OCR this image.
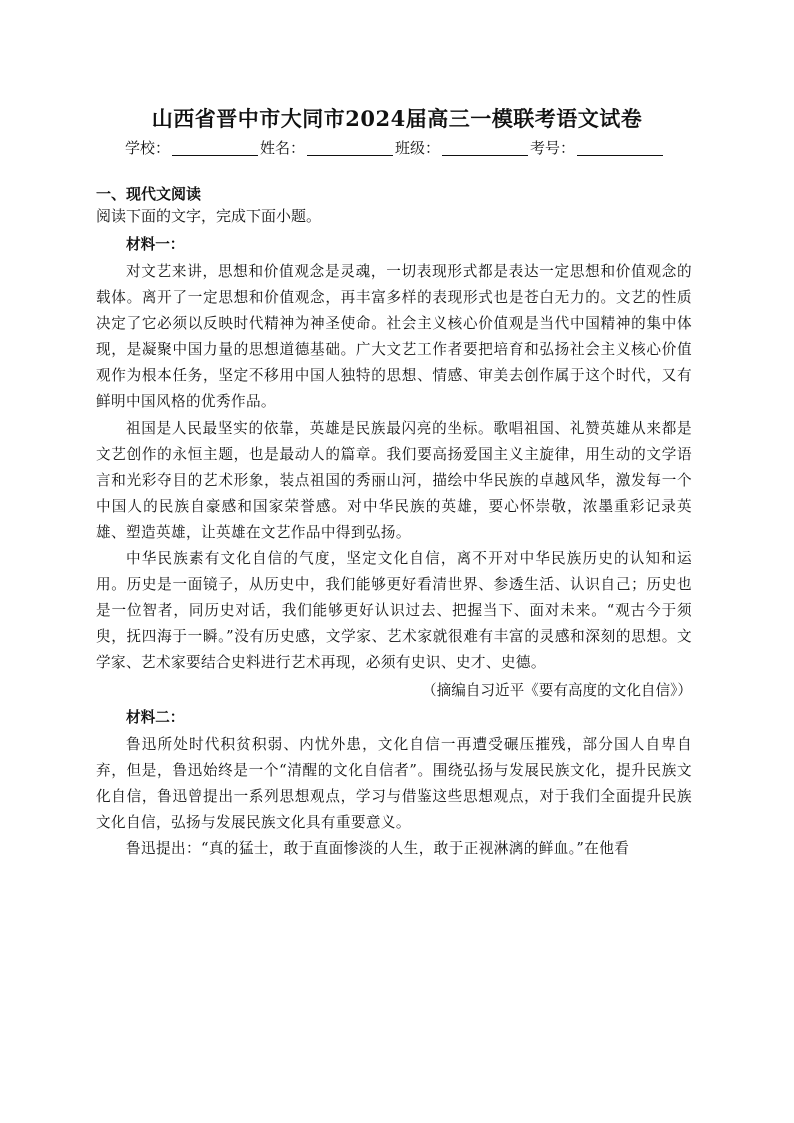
山西省晋中市大同市2024届高三一模联考语文试卷
学校：	姓名：	班级：	考号：
一、现代文阅读
阅读下面的文字，完成下面小题。

材料一：

对文艺来讲，思想和价值观念是灵魂，一切表现形式都是表达一定思想和价值观念的载体。离开了一定思想和价值观念，再丰富多样的表现形式也是苍白无力的。文艺的性质决定了它必须以反映时代精神为神圣使命。社会主义核心价值观是当代中国精神的集中体现，是凝聚中国力量的思想道德基础。广大文艺工作者要把培育和弘扬社会主义核心价值观作为根本任务，坚定不移用中国人独特的思想、情感、审美去创作属于这个时代，又有鲜明中国风格的优秀作品。

祖国是人民最坚实的依靠，英雄是民族最闪亮的坐标。歌唱祖国、礼赞英雄从来都是文艺创作的永恒主题，也是最动人的篇章。我们要高扬爱国主义主旋律，用生动的文学语言和光彩夺目的艺术形象，装点祖国的秀丽山河，描绘中华民族的卓越风华，激发每一个中国人的民族自豪感和国家荣誉感。对中华民族的英雄，要心怀崇敬，浓墨重彩记录英雄、塑造英雄，让英雄在文艺作品中得到弘扬。

中华民族素有文化自信的气度，坚定文化自信，离不开对中华民族历史的认知和运用。历史是一面镜子，从历史中，我们能够更好看清世界、参透生活、认识自己；历史也是一位智者，同历史对话，我们能够更好认识过去、把握当下、面对未来。“观古今于须臾，抚四海于一瞬。”没有历史感，文学家、艺术家就很难有丰富的灵感和深刻的思想。文学家、艺术家要结合史料进行艺术再现，必须有史识、史才、史德。

（摘编自习近平《要有高度的文化自信》）

材料二：

鲁迅所处时代积贫积弱、内忧外患，文化自信一再遭受碾压摧残，部分国人自卑自弃，但是，鲁迅始终是一个“清醒的文化自信者”。围绕弘扬与发展民族文化，提升民族文化自信，鲁迅曾提出一系列思想观点，学习与借鉴这些思想观点，对于我们全面提升民族文化自信，弘扬与发展民族文化具有重要意义。

鲁迅提出：“真的猛士，敢于直面惨淡的人生，敢于正视淋漓的鲜血。”在他看
